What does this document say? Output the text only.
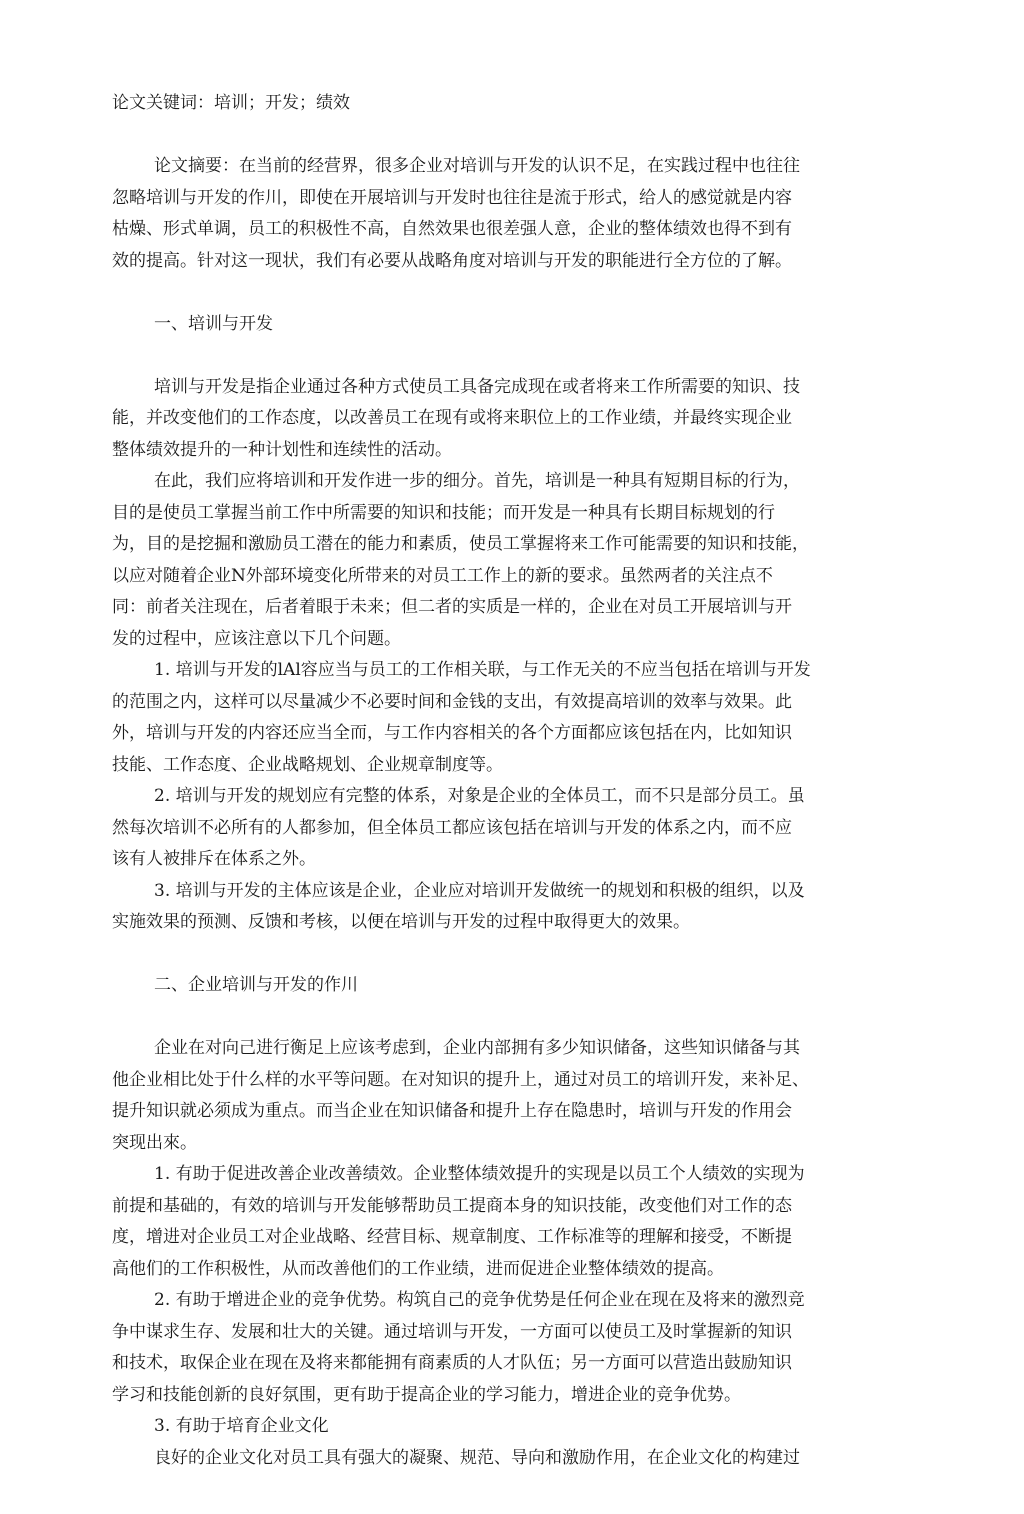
论文关键词：培训；开发；绩效
论文摘要：在当前的经营界，很多企业对培训与开发的认识不足，在实践过程中也往往
忽略培训与开发的作川，即使在开展培训与开发时也往往是流于形式，给人的感觉就是内容
枯燥、形式单调，员工的积极性不高，自然效果也很差强人意，企业的整体绩效也得不到有
效的提高。针对这一现状，我们有必要从战略角度对培训与开发的职能进行全方位的了解。
一、培训与开发
培训与开发是指企业通过各种方式使员工具备完成现在或者将来工作所需要的知识、技
能，并改变他们的工作态度，以改善员工在现有或将来职位上的工作业绩，并最终实现企业
整体绩效提升的一种计划性和连续性的活动。
在此，我们应将培训和开发作进一步的细分。首先，培训是一种具有短期目标的行为，
目的是使员工掌握当前工作中所需要的知识和技能；而开发是一种具有长期目标规划的行
为，目的是挖掘和激励员工潜在的能力和素质，使员工掌握将来工作可能需要的知识和技能，
以应对随着企业N外部环境变化所带来的对员工工作上的新的要求。虽然两者的关注点不
同：前者关注现在，后者着眼于未来；但二者的实质是一样的，企业在对员工开展培训与开
发的过程中，应该注意以下几个问题。
1. 培训与开发的lAl容应当与员工的工作相关联，与工作无关的不应当包括在培训与开发
的范围之内，这样可以尽量减少不必要时间和金钱的支出，有效提高培训的效率与效果。此
外，培训与幵发的内容还应当全而，与工作内容相关的各个方面都应该包括在内，比如知识
技能、工作态度、企业战略规划、企业规章制度等。
2. 培训与开发的规划应有完整的体系，对象是企业的全体员工，而不只是部分员工。虽
然每次培训不必所有的人都参加，但全体员工都应该包括在培训与开发的体系之内，而不应
该有人被排斥在体系之外。
3. 培训与开发的主体应该是企业，企业应对培训开发做统一的规划和积极的组织，以及
实施效果的预测、反馈和考核，以便在培训与开发的过程中取得更大的效果。
二、企业培训与开发的作川
企业在对向己进行衡足上应该考虑到，企业内部拥有多少知识储备，这些知识储备与其
他企业相比处于什么样的水平等问题。在对知识的提升上，通过对员工的培训幵发，来补足、
提升知识就必须成为重点。而当企业在知识储备和提升上存在隐患时，培训与幵发的作用会
突现出來。
1. 有助于促进改善企业改善绩效。企业整体绩效提升的实现是以员工个人绩效的实现为
前提和基础的，有效的培训与开发能够帮助员工提商本身的知识技能，改变他们对工作的态
度，增进对企业员工对企业战略、经营目标、规章制度、工作标准等的理解和接受，不断提
高他们的工作积极性，从而改善他们的工作业绩，进而促进企业整体绩效的提高。
2. 有助于增进企业的竞争优势。构筑自己的竞争优势是任何企业在现在及将来的激烈竞
争中谋求生存、发展和壮大的关键。通过培训与开发，一方面可以使员工及时掌握新的知识
和技术，取保企业在现在及将来都能拥有商素质的人才队伍；另一方面可以营造出鼓励知识
学习和技能创新的良好氛围，更有助于提高企业的学习能力，增进企业的竞争优势。
3. 有助于培育企业文化
良好的企业文化对员工具有强大的凝聚、规范、导向和激励作用，在企业文化的构建过
